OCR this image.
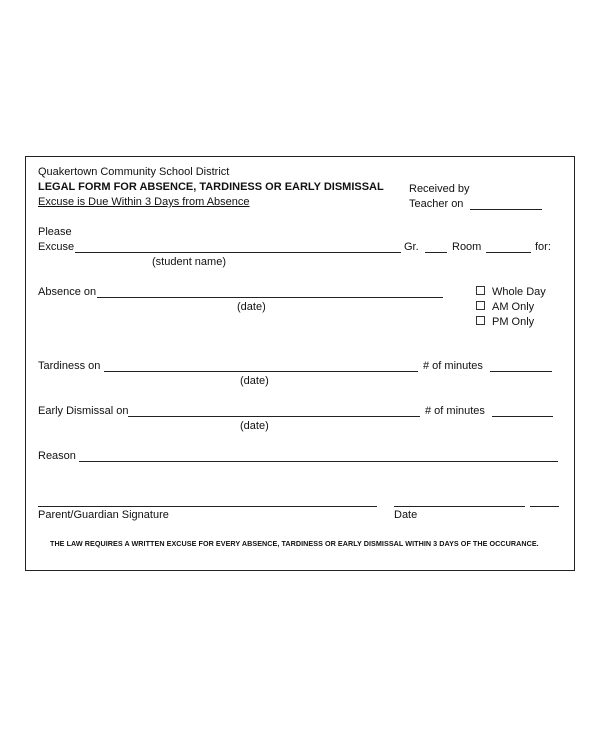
Quakertown Community School District
LEGAL FORM FOR ABSENCE, TARDINESS OR EARLY DISMISSAL
Excuse is Due Within 3 Days from Absence
Received by
Teacher on
Please
Excuse	Gr.	Room	for:
(student name)
Absence on
(date)
Whole Day
AM Only
PM Only
Tardiness on	# of minutes
(date)
Early Dismissal on	# of minutes
(date)
Reason
Parent/Guardian Signature	Date
THE LAW REQUIRES A WRITTEN EXCUSE FOR EVERY ABSENCE, TARDINESS OR EARLY DISMISSAL WITHIN 3 DAYS OF THE OCCURANCE.
